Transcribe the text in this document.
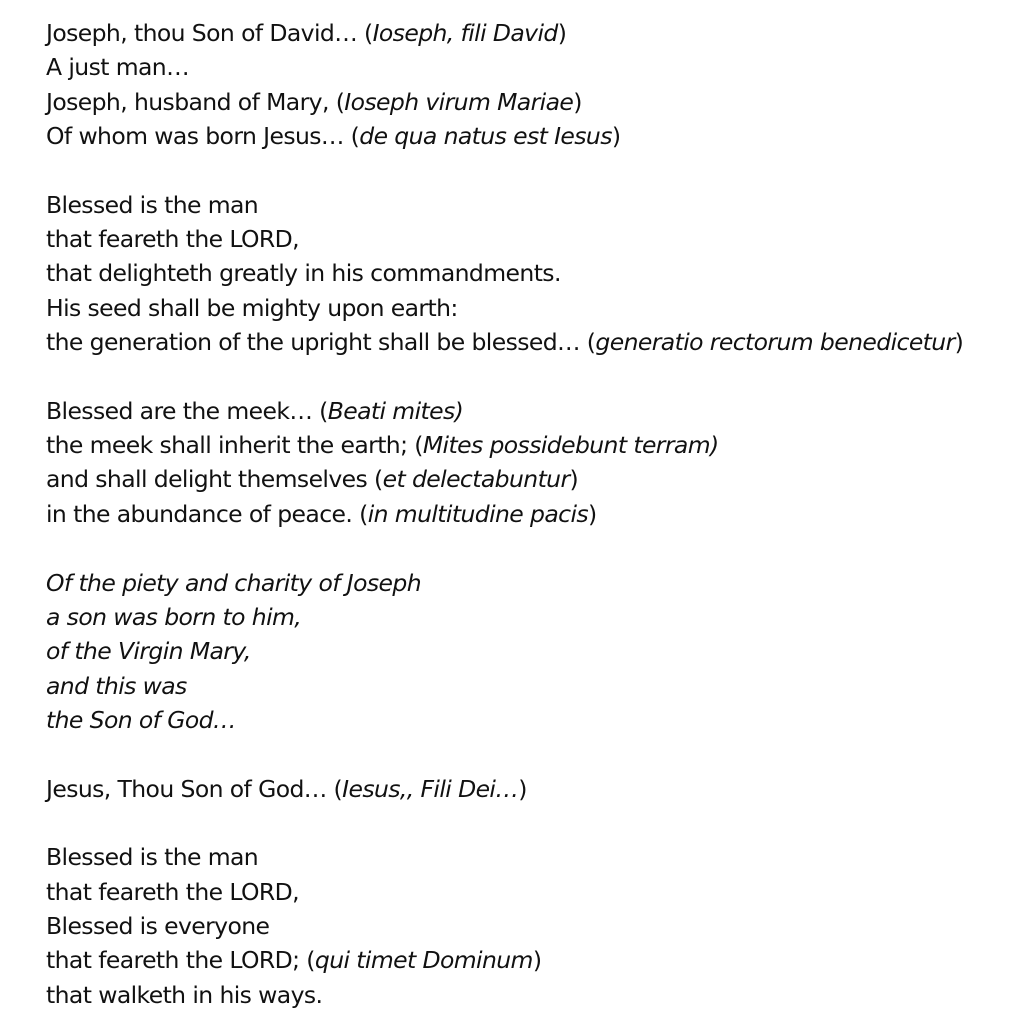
Joseph, thou Son of David… (Ioseph, fili David)
A just man…
Joseph, husband of Mary, (Ioseph virum Mariae)
Of whom was born Jesus… (de qua natus est Iesus)
Blessed is the man
that feareth the LORD,
that delighteth greatly in his commandments.
His seed shall be mighty upon earth:
the generation of the upright shall be blessed… (generatio rectorum benedicetur)
Blessed are the meek… (Beati mites)
the meek shall inherit the earth; (Mites possidebunt terram)
and shall delight themselves (et delectabuntur)
in the abundance of peace. (in multitudine pacis)
Of the piety and charity of Joseph
a son was born to him,
of the Virgin Mary,
and this was
the Son of God…
Jesus, Thou Son of God… (Iesus,, Fili Dei…)
Blessed is the man
that feareth the LORD,
Blessed is everyone
that feareth the LORD; (qui timet Dominum)
that walketh in his ways.
